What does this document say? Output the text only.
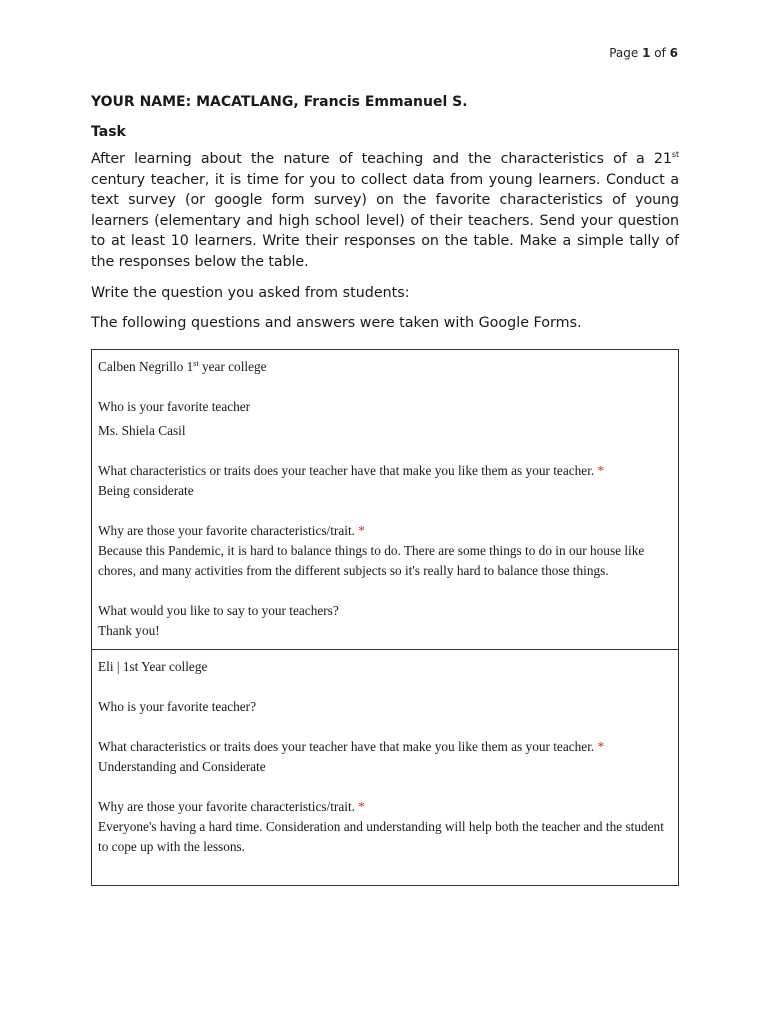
Page 1 of 6

YOUR NAME: MACATLANG, Francis Emmanuel S.

Task

After learning about the nature of teaching and the characteristics of a 21st century teacher, it is time for you to collect data from young learners. Conduct a text survey (or google form survey) on the favorite characteristics of young learners (elementary and high school level) of their teachers. Send your question to at least 10 learners. Write their responses on the table. Make a simple tally of the responses below the table.

Write the question you asked from students:

The following questions and answers were taken with Google Forms.

Calben Negrillo 1st year college
Who is your favorite teacher
Ms. Shiela Casil
What characteristics or traits does your teacher have that make you like them as your teacher. *
Being considerate
Why are those your favorite characteristics/trait. *
Because this Pandemic, it is hard to balance things to do. There are some things to do in our house like chores, and many activities from the different subjects so it's really hard to balance those things.
What would you like to say to your teachers?
Thank you!

Eli | 1st Year college
Who is your favorite teacher?
What characteristics or traits does your teacher have that make you like them as your teacher. *
Understanding and Considerate
Why are those your favorite characteristics/trait. *
Everyone's having a hard time. Consideration and understanding will help both the teacher and the student to cope up with the lessons.
